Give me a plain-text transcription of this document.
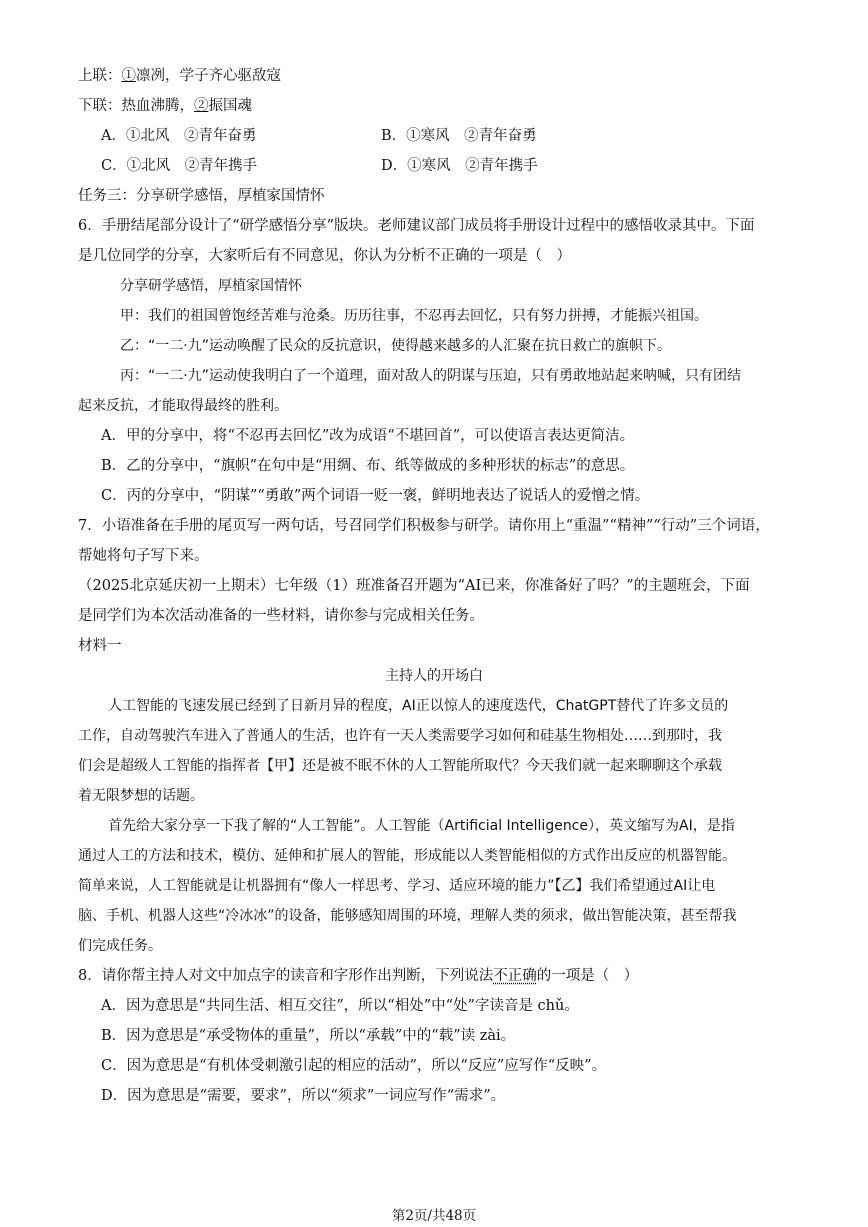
上联：①凛冽，学子齐心驱敌寇
下联：热血沸腾，②振国魂
A．①北风　②青年奋勇	B．①寒风　②青年奋勇
C．①北风　②青年携手	D．①寒风　②青年携手
任务三：分享研学感悟，厚植家国情怀
6．手册结尾部分设计了“研学感悟分享”版块。老师建议部门成员将手册设计过程中的感悟收录其中。下面
是几位同学的分享，大家听后有不同意见，你认为分析不正确的一项是（　）
分享研学感悟，厚植家国情怀
甲：我们的祖国曾饱经苦难与沧桑。历历往事，不忍再去回忆，只有努力拼搏，才能振兴祖国。
乙：“一二·九”运动唤醒了民众的反抗意识，使得越来越多的人汇聚在抗日救亡的旗帜下。
丙：“一二·九”运动使我明白了一个道理，面对敌人的阴谋与压迫，只有勇敢地站起来呐喊，只有团结
起来反抗，才能取得最终的胜利。
A．甲的分享中，将“不忍再去回忆”改为成语“不堪回首”，可以使语言表达更简洁。
B．乙的分享中，“旗帜”在句中是“用绸、布、纸等做成的多种形状的标志”的意思。
C．丙的分享中，“阴谋”“勇敢”两个词语一贬一褒，鲜明地表达了说话人的爱憎之情。
7．小语准备在手册的尾页写一两句话，号召同学们积极参与研学。请你用上“重温”“精神”“行动”三个词语，
帮她将句子写下来。
（2025北京延庆初一上期末）七年级（1）班准备召开题为“AI已来，你准备好了吗？”的主题班会，下面
是同学们为本次活动准备的一些材料，请你参与完成相关任务。
材料一
主持人的开场白
人工智能的飞速发展已经到了日新月异的程度，AI正以惊人的速度迭代，ChatGPT替代了许多文员的
工作，自动驾驶汽车进入了普通人的生活，也许有一天人类需要学习如何和硅基生物相处……到那时，我
们会是超级人工智能的指挥者【甲】还是被不眠不休的人工智能所取代？今天我们就一起来聊聊这个承载
着无限梦想的话题。
首先给大家分享一下我了解的“人工智能”。人工智能（Artificial Intelligence），英文缩写为AI，是指
通过人工的方法和技术，模仿、延伸和扩展人的智能，形成能以人类智能相似的方式作出反应的机器智能。
简单来说，人工智能就是让机器拥有“像人一样思考、学习、适应环境的能力”【乙】我们希望通过AI让电
脑、手机、机器人这些“冷冰冰”的设备，能够感知周围的环境，理解人类的须求，做出智能决策，甚至帮我
们完成任务。
8．请你帮主持人对文中加点字的读音和字形作出判断，下列说法不正确的一项是（　）
A．因为意思是“共同生活、相互交往”，所以“相处”中“处”字读音是 chǔ。
B．因为意思是“承受物体的重量”，所以“承载”中的“载”读 zài。
C．因为意思是“有机体受刺激引起的相应的活动”，所以“反应”应写作“反映”。
D．因为意思是“需要，要求”，所以“须求”一词应写作“需求”。
第2页/共48页
